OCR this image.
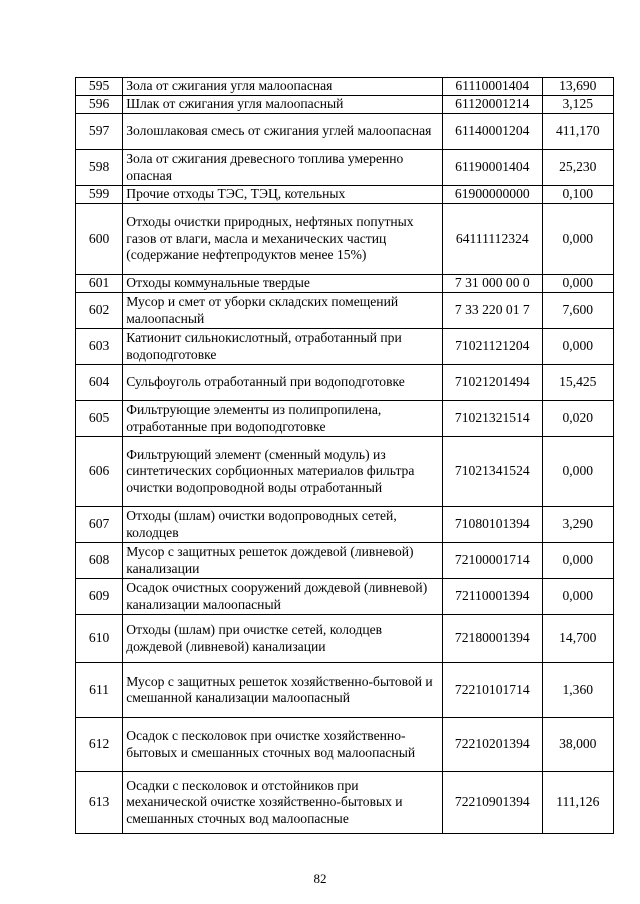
595	Зола от сжигания угля малоопасная	61110001404	13,690
596	Шлак от сжигания угля малоопасный	61120001214	3,125
597	Золошлаковая смесь от сжигания углей малоопасная	61140001204	411,170
598	Зола от сжигания древесного топлива умеренно опасная	61190001404	25,230
599	Прочие отходы ТЭС, ТЭЦ, котельных	61900000000	0,100
600	Отходы очистки природных, нефтяных попутных газов от влаги, масла и механических частиц (содержание нефтепродуктов менее 15%)	64111112324	0,000
601	Отходы коммунальные твердые	7 31 000 00 0	0,000
602	Мусор и смет от уборки складских помещений малоопасный	7 33 220 01 7	7,600
603	Катионит сильнокислотный, отработанный при водоподготовке	71021121204	0,000
604	Сульфоуголь отработанный при водоподготовке	71021201494	15,425
605	Фильтрующие элементы из полипропилена, отработанные при водоподготовке	71021321514	0,020
606	Фильтрующий элемент (сменный модуль) из синтетических сорбционных материалов фильтра очистки водопроводной воды отработанный	71021341524	0,000
607	Отходы (шлам) очистки водопроводных сетей, колодцев	71080101394	3,290
608	Мусор с защитных решеток дождевой (ливневой) канализации	72100001714	0,000
609	Осадок очистных сооружений дождевой (ливневой) канализации малоопасный	72110001394	0,000
610	Отходы (шлам) при очистке сетей, колодцев дождевой (ливневой) канализации	72180001394	14,700
611	Мусор с защитных решеток хозяйственно-бытовой и смешанной канализации малоопасный	72210101714	1,360
612	Осадок с песколовок при очистке хозяйственно-бытовых и смешанных сточных вод малоопасный	72210201394	38,000
613	Осадки с песколовок и отстойников при механической очистке хозяйственно-бытовых и смешанных сточных вод малоопасные	72210901394	111,126
82
